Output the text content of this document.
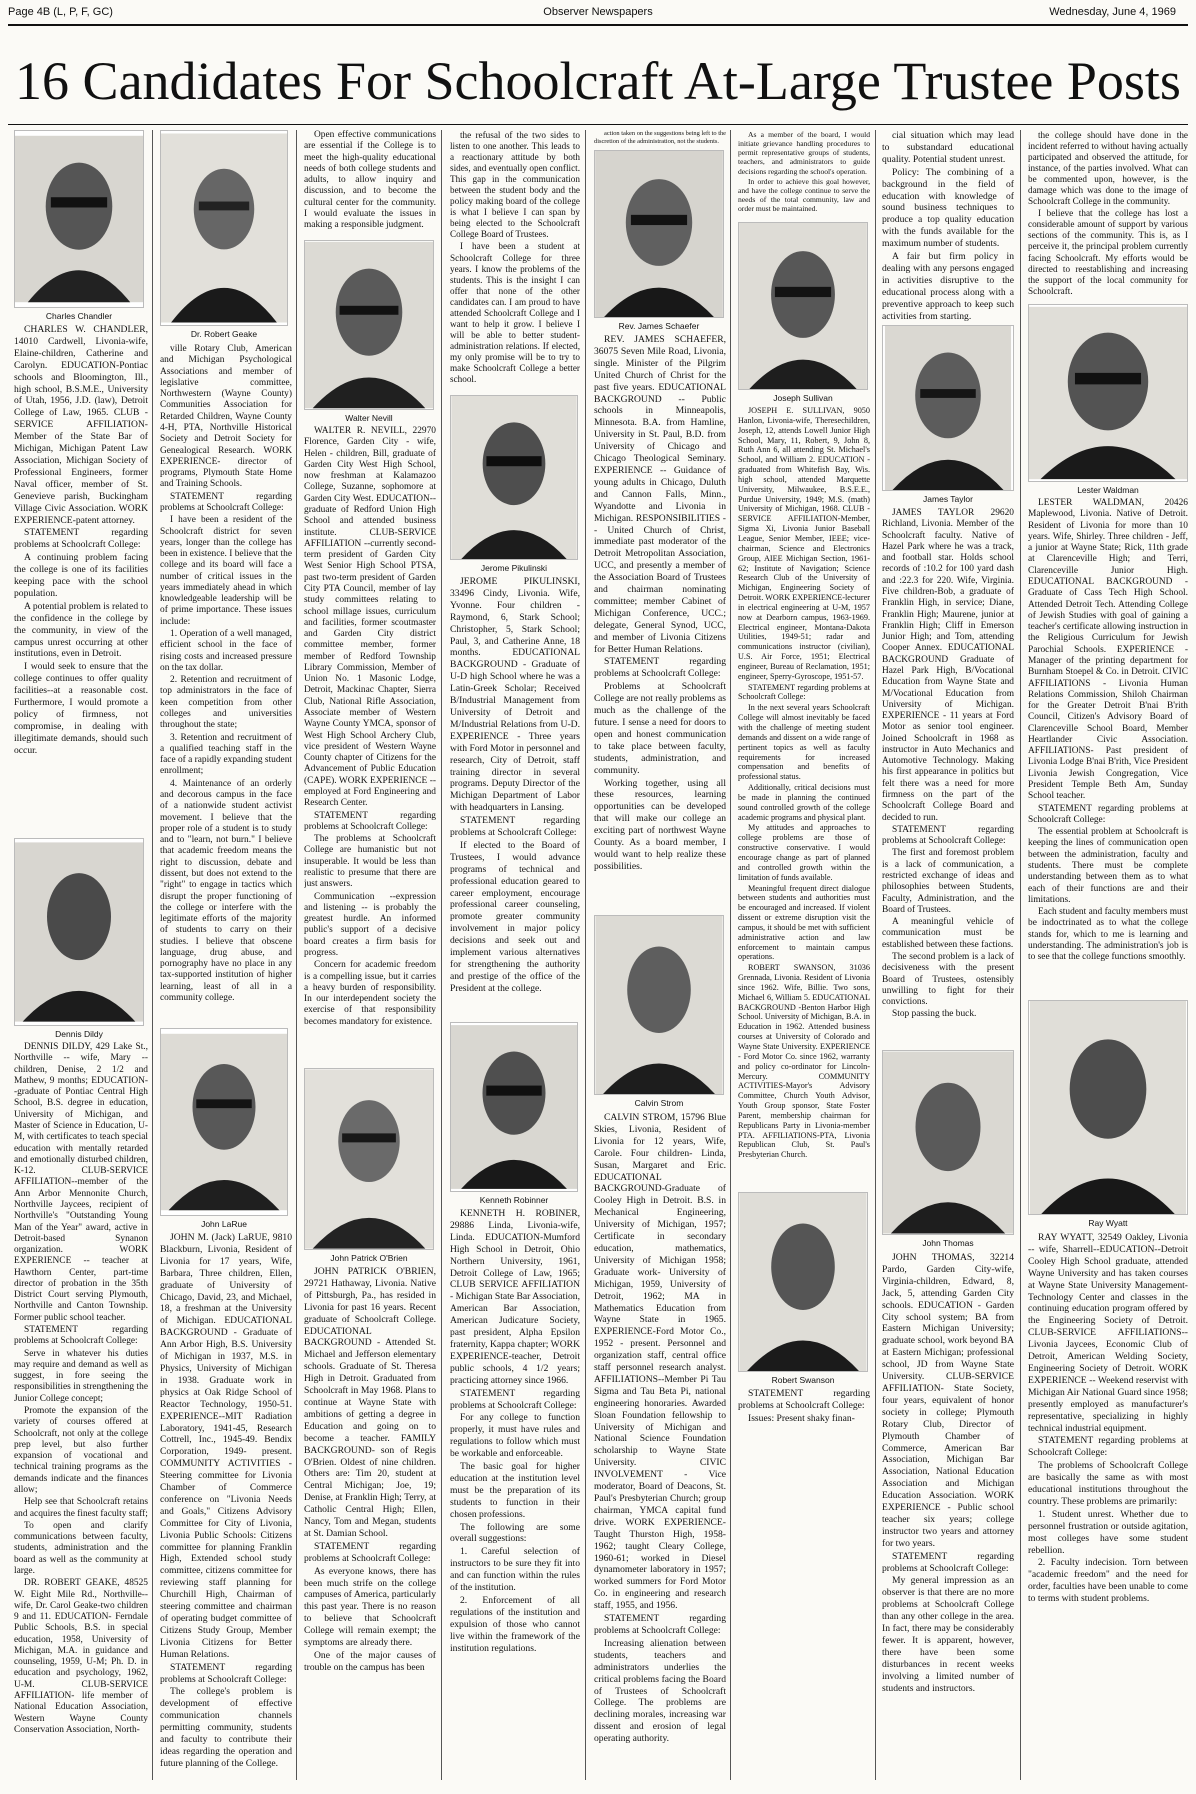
Page 4B (L, P, F, GC)	Observer Newspapers	Wednesday, June 4, 1969
16 Candidates For Schoolcraft At-Large Trustee Posts
Charles Chandler
Dr. Robert Geake
Walter Nevill
Jerome Pikulinski
Rev. James Schaefer
Joseph Sullivan
James Taylor
Lester Waldman
Dennis Dildy
John LaRue
John Patrick O'Brien
Kenneth Robinner
Calvin Strom
Robert Swanson
John Thomas
Ray Wyatt

CHARLES W. CHANDLER, 14010 Cardwell, Livonia-wife, Elaine-children, Catherine and Carolyn. EDUCATION-Pontiac schools and Bloomington, Ill., high school, B.S.M.E., University of Utah, 1956, J.D. (law), Detroit College of Law, 1965. CLUB - SERVICE AFFILIATION-Member of the State Bar of Michigan, Michigan Patent Law Association, Michigan Society of Professional Engineers, former Naval officer, member of St. Genevieve parish, Buckingham Village Civic Association. WORK EXPERIENCE-patent attorney.

STATEMENT regarding problems at Schoolcraft College:

A continuing problem facing the college is one of its facilities keeping pace with the school population.

A potential problem is related to the confidence in the college by the community, in view of the campus unrest occurring at other institutions, even in Detroit.

I would seek to ensure that the college continues to offer quality facilities--at a reasonable cost. Furthermore, I would promote a policy of firmness, not compromise, in dealing with illegitimate demands, should such occur.

DENNIS DILDY, 429 Lake St., Northville -- wife, Mary -- children, Denise, 2 1/2 and Mathew, 9 months; EDUCATION--graduate of Pontiac Central High School, B.S. degree in education, University of Michigan, and Master of Science in Education, U-M, with certificates to teach special education with mentally retarded and emotionally disturbed children, K-12. CLUB-SERVICE AFFILIATION--member of the Ann Arbor Mennonite Church, Northville Jaycees, recipient of Northville's "Outstanding Young Man of the Year" award, active in Detroit-based Synanon organization. WORK EXPERIENCE -- teacher at Hawthorn Center, part-time director of probation in the 35th District Court serving Plymouth, Northville and Canton Township. Former public school teacher.

STATEMENT regarding problems at Schoolcraft College:

Serve in whatever his duties may require and demand as well as suggest, in fore seeing the responsibilities in strengthening the Junior College concept;

Promote the expansion of the variety of courses offered at Schoolcraft, not only at the college prep level, but also further expansion of vocational and technical training programs as the demands indicate and the finances allow;

Help see that Schoolcraft retains and acquires the finest faculty staff;

To open and clarify communications between faculty, students, administration and the board as well as the community at large.

DR. ROBERT GEAKE, 48525 W. Eight Mile Rd., Northville--wife, Dr. Carol Geake-two children 9 and 11. EDUCATION- Ferndale Public Schools, B.S. in special education, 1958, University of Michigan, M.A. in guidance and counseling, 1959, U-M; Ph. D. in education and psychology, 1962, U-M. CLUB-SERVICE AFFILIATION- life member of National Education Association, Western Wayne County Conservation Association, North-

ville Rotary Club, American and Michigan Psychological Associations and member of legislative committee, Northwestern (Wayne County) Communities Association for Retarded Children, Wayne County 4-H, PTA, Northville Historical Society and Detroit Society for Genealogical Research. WORK EXPERIENCE- director of programs, Plymouth State Home and Training Schools.

STATEMENT regarding problems at Schoolcraft College:

I have been a resident of the Schoolcraft district for seven years, longer than the college has been in existence. I believe that the college and its board will face a number of critical issues in the years immediately ahead in which knowledgeable leadership will be of prime importance. These issues include:

1. Operation of a well managed, efficient school in the face of rising costs and increased pressure on the tax dollar.

2. Retention and recruitment of top administrators in the face of keen competition from other colleges and universities throughout the state;

3. Retention and recruitment of a qualified teaching staff in the face of a rapidly expanding student enrollment;

4. Maintenance of an orderly and decorous campus in the face of a nationwide student activist movement. I believe that the proper role of a student is to study and to "learn, not burn." I believe that academic freedom means the right to discussion, debate and dissent, but does not extend to the "right" to engage in tactics which disrupt the proper functioning of the college or interfere with the legitimate efforts of the majority of students to carry on their studies. I believe that obscene language, drug abuse, and pornography have no place in any tax-supported institution of higher learning, least of all in a community college.

JOHN M. (Jack) LaRUE, 9810 Blackburn, Livonia, Resident of Livonia for 17 years, Wife, Barbara, Three children, Ellen, graduate of University of Chicago, David, 23, and Michael, 18, a freshman at the University of Michigan. EDUCATIONAL BACKGROUND - Graduate of Ann Arbor High, B.S. University of Michigan in 1937, M.S. in Physics, University of Michigan in 1938. Graduate work in physics at Oak Ridge School of Reactor Technology, 1950-51. EXPERIENCE--MIT Radiation Laboratory, 1941-45, Research Cottrell, Inc., 1945-49. Bendix Corporation, 1949- present. COMMUNITY ACTIVITIES - Steering committee for Livonia Chamber of Commerce conference on "Livonia Needs and Goals," Citizens Advisory Committee for City of Livonia, Livonia Public Schools: Citizens committee for planning Franklin High, Extended school study committee, citizens committee for reviewing staff planning for Churchill High, Chairman of steering committee and chairman of operating budget committee of Citizens Study Group, Member Livonia Citizens for Better Human Relations.

STATEMENT regarding problems at Schoolcraft College:

The college's problem is development of effective communication channels permitting community, students and faculty to contribute their ideas regarding the operation and future planning of the College.

Open effective communications are essential if the College is to meet the high-quality educational needs of both college students and adults, to allow inquiry and discussion, and to become the cultural center for the community. I would evaluate the issues in making a responsible judgment.

WALTER R. NEVILL, 22970 Florence, Garden City - wife, Helen - children, Bill, graduate of Garden City West High School, now freshman at Kalamazoo College, Suzanne, sophomore at Garden City West. EDUCATION--graduate of Redford Union High School and attended business institute. CLUB-SERVICE AFFILIATION --currently second-term president of Garden City West Senior High School PTSA, past two-term president of Garden City PTA Council, member of lay study committees relating to school millage issues, curriculum and facilities, former scoutmaster and Garden City district committee member, former member of Redford Township Library Commission, Member of Union No. 1 Masonic Lodge, Detroit, Mackinac Chapter, Sierra Club, National Rifle Association, Associate member of Western Wayne County YMCA, sponsor of West High School Archery Club, vice president of Western Wayne County chapter of Citizens for the Advancement of Public Education (CAPE). WORK EXPERIENCE -- employed at Ford Engineering and Research Center.

STATEMENT regarding problems at Schoolcraft College:

The problems at Schoolcraft College are humanistic but not insuperable. It would be less than realistic to presume that there are just answers.

Communication --expression and listening -- is probably the greatest hurdle. An informed public's support of a decisive board creates a firm basis for progress.

Concern for academic freedom is a compelling issue, but it carries a heavy burden of responsibility. In our interdependent society the exercise of that responsibility becomes mandatory for existence.

JOHN PATRICK O'BRIEN, 29721 Hathaway, Livonia. Native of Pittsburgh, Pa., has resided in Livonia for past 16 years. Recent graduate of Schoolcraft College. EDUCATIONAL BACKGROUND - Attended St. Michael and Jefferson elementary schools. Graduate of St. Theresa High in Detroit. Graduated from Schoolcraft in May 1968. Plans to continue at Wayne State with ambitions of getting a degree in Education and going on to become a teacher. FAMILY BACKGROUND- son of Regis O'Brien. Oldest of nine children. Others are: Tim 20, student at Central Michigan; Joe, 19; Denise, at Franklin High; Terry, at Catholic Central High; Ellen, Nancy, Tom and Megan, students at St. Damian School.

STATEMENT regarding problems at Schoolcraft College:

As everyone knows, there has been much strife on the college campuses of America, particularly this past year. There is no reason to believe that Schoolcraft College will remain exempt; the symptoms are already there.

One of the major causes of trouble on the campus has been

the refusal of the two sides to listen to one another. This leads to a reactionary attitude by both sides, and eventually open conflict. This gap in the communication between the student body and the policy making board of the college is what I believe I can span by being elected to the Schoolcraft College Board of Trustees.

I have been a student at Schoolcraft College for three years. I know the problems of the students. This is the insight I can offer that none of the other candidates can. I am proud to have attended Schoolcraft College and I want to help it grow. I believe I will be able to better student-administration relations. If elected, my only promise will be to try to make Schoolcraft College a better school.

JEROME PIKULINSKI, 33496 Cindy, Livonia. Wife, Yvonne. Four children - Raymond, 6, Stark School; Christopher, 5, Stark School; Paul, 3, and Catherine Anne, 18 months. EDUCATIONAL BACKGROUND - Graduate of U-D high School where he was a Latin-Greek Scholar; Received B/Industrial Management from University of Detroit and M/Industrial Relations from U-D. EXPERIENCE - Three years with Ford Motor in personnel and research, City of Detroit, staff training director in several programs. Deputy Director of the Michigan Department of Labor with headquarters in Lansing.

STATEMENT regarding problems at Schoolcraft College:

If elected to the Board of Trustees, I would advance programs of technical and professional education geared to career employment, encourage professional career counseling, promote greater community involvement in major policy decisions and seek out and implement various alternatives for strengthening the authority and prestige of the office of the President at the college.

KENNETH H. ROBINER, 29886 Linda, Livonia-wife, Linda. EDUCATION-Mumford High School in Detroit, Ohio Northern University, 1961, Detroit College of Law, 1965; CLUB SERVICE AFFILIATION - Michigan State Bar Association, American Bar Association, American Judicature Society, past president, Alpha Epsilon fraternity, Kappa chapter; WORK EXPERIENCE-teacher, Detroit public schools, 4 1/2 years; practicing attorney since 1966.

STATEMENT regarding problems at Schoolcraft College:

For any college to function properly, it must have rules and regulations to follow which must be workable and enforceable.

The basic goal for higher education at the institution level must be the preparation of its students to function in their chosen professions.

The following are some overall suggestions:

1. Careful selection of instructors to be sure they fit into and can function within the rules of the institution.

2. Enforcement of all regulations of the institution and expulsion of those who cannot live within the framework of the institution regulations.

action taken on the suggestions being left to the discretion of the administration, not the students.

REV. JAMES SCHAEFER, 36075 Seven Mile Road, Livonia, single. Minister of the Pilgrim United Church of Christ for the past five years. EDUCATIONAL BACKGROUND -- Public schools in Minneapolis, Minnesota. B.A. from Hamline, University in St. Paul, B.D. from University of Chicago and Chicago Theological Seminary. EXPERIENCE -- Guidance of young adults in Chicago, Duluth and Cannon Falls, Minn., Wyandotte and Livonia in Michigan. RESPONSIBILITIES -- United Church of Christ, immediate past moderator of the Detroit Metropolitan Association, UCC, and presently a member of the Association Board of Trustees and chairman nominating committee; member Cabinet of Michigan Conference, UCC.; delegate, General Synod, UCC, and member of Livonia Citizens for Better Human Relations.

STATEMENT regarding problems at Schoolcraft College:

Problems at Schoolcraft College are not really problems as much as the challenge of the future. I sense a need for doors to open and honest communication to take place between faculty, students, administration, and community.

Working together, using all these resources, learning opportunities can be developed that will make our college an exciting part of northwest Wayne County. As a board member, I would want to help realize these possibilities.

CALVIN STROM, 15796 Blue Skies, Livonia, Resident of Livonia for 12 years, Wife, Carole. Four children- Linda, Susan, Margaret and Eric. EDUCATIONAL BACKGROUND-Graduate of Cooley High in Detroit. B.S. in Mechanical Engineering, University of Michigan, 1957; Certificate in secondary education, mathematics, University of Michigan 1958; Graduate work- University of Michigan, 1959, University of Detroit, 1962; MA in Mathematics Education from Wayne State in 1965. EXPERIENCE-Ford Motor Co., 1952 - present. Personnel and organization staff, central office staff personnel research analyst. AFFILIATIONS--Member Pi Tau Sigma and Tau Beta Pi, national engineering honoraries. Awarded Sloan Foundation fellowship to University of Michigan and National Science Foundation scholarship to Wayne State University. CIVIC INVOLVEMENT - Vice moderator, Board of Deacons, St. Paul's Presbyterian Church; group chairman, YMCA capital fund drive. WORK EXPERIENCE- Taught Thurston High, 1958-1962; taught Cleary College, 1960-61; worked in Diesel dynamometer laboratory in 1957; worked summers for Ford Motor Co. in engineering and research staff, 1955, and 1956.

STATEMENT regarding problems at Schoolcraft College:

Increasing alienation between students, teachers and administrators underlies the critical problems facing the Board of Trustees of Schoolcraft College. The problems are declining morales, increasing war dissent and erosion of legal operating authority.

As a member of the board, I would initiate grievance handling procedures to permit representative groups of students, teachers, and administrators to guide decisions regarding the school's operation.

In order to achieve this goal however, and have the college continue to serve the needs of the total community, law and order must be maintained.

JOSEPH E. SULLIVAN, 9050 Hanlon, Livonia-wife, Theresechildren, Joseph, 12, attends Lowell Junior High School, Mary, 11, Robert, 9, John 8, Ruth Ann 6, all attending St. Michael's School, and William 2. EDUCATION - graduated from Whitefish Bay, Wis. high school, attended Marquette University, Milwaukee, B.S.E.E., Purdue University, 1949; M.S. (math) University of Michigan, 1968. CLUB - SERVICE AFFILIATION-Member, Sigma Xi, Livonia Junior Baseball League, Senior Member, IEEE; vice-chairman, Science and Electronics Group, AIEE Michigan Section, 1961-62; Institute of Navigation; Science Research Club of the University of Michigan, Engineering Society of Detroit. WORK EXPERIENCE-lecturer in electrical engineering at U-M, 1957 now at Dearborn campus, 1963-1969. Electrical engineer, Montana-Dakota Utilities, 1949-51; radar and communications instructor (civilian), U.S. Air Force, 1951; Electrical engineer, Bureau of Reclamation, 1951; engineer, Sperry-Gyroscope, 1951-57.

STATEMENT regarding problems at Schoolcraft College:

In the next several years Schoolcraft College will almost inevitably be faced with the challenge of meeting student demands and dissent on a wide range of pertinent topics as well as faculty requirements for increased compensation and benefits of professional status.

Additionally, critical decisions must be made in planning the continued sound controlled growth of the college academic programs and physical plant.

My attitudes and approaches to college problems are those of constructive conservative. I would encourage change as part of planned and controlled growth within the limitation of funds available.

Meaningful frequent direct dialogue between students and authorities must be encouraged and increased. If violent dissent or extreme disruption visit the campus, it should be met with sufficient administrative action and law enforcement to maintain campus operations.

ROBERT SWANSON, 31036 Grennada, Livonia. Resident of Livonia since 1962. Wife, Billie. Two sons, Michael 6, William 5. EDUCATIONAL BACKGROUND -Benton Harbor High School. University of Michigan, B.A. in Education in 1962. Attended business courses at University of Colorado and Wayne State University. EXPERIENCE - Ford Motor Co. since 1962, warranty and policy co-ordinator for Lincoln-Mercury. COMMUNITY ACTIVITIES-Mayor's Advisory Committee, Church Youth Advisor, Youth Group sponsor, State Foster Parent, membership chairman for Republicans Party in Livonia-member PTA. AFFILIATIONS-PTA, Livonia Republican Club, St. Paul's Presbyterian Church.

STATEMENT regarding problems at Schoolcraft College:

Issues: Present shaky finan-

cial situation which may lead to substandard educational quality. Potential student unrest.

Policy: The combining of a background in the field of education with knowledge of sound business techniques to produce a top quality education with the funds available for the maximum number of students.

A fair but firm policy in dealing with any persons engaged in activities disruptive to the educational process along with a preventive approach to keep such activities from starting.

JAMES TAYLOR 29620 Richland, Livonia. Member of the Schoolcraft faculty. Native of Hazel Park where he was a track, and football star. Holds school records of :10.2 for 100 yard dash and :22.3 for 220. Wife, Virginia. Five children-Bob, a graduate of Franklin High, in service; Diane, Franklin High; Maurene, junior at Franklin High; Cliff in Emerson Junior High; and Tom, attending Cooper Annex. EDUCATIONAL BACKGROUND Graduate of Hazel Park High, B/Vocational Education from Wayne State and M/Vocational Education from University of Michigan. EXPERIENCE - 11 years at Ford Motor as senior tool engineer. Joined Schoolcraft in 1968 as instructor in Auto Mechanics and Automotive Technology. Making his first appearance in politics but felt there was a need for more firmness on the part of the Schoolcraft College Board and decided to run.

STATEMENT regarding problems at Schoolcraft College:

The first and foremost problem is a lack of communication, a restricted exchange of ideas and philosophies between Students, Faculty, Administration, and the Board of Trustees.

A meaningful vehicle of communication must be established between these factions.

The second problem is a lack of decisiveness with the present Board of Trustees, ostensibly unwilling to fight for their convictions.

Stop passing the buck.

JOHN THOMAS, 32214 Pardo, Garden City-wife, Virginia-children, Edward, 8, Jack, 5, attending Garden City schools. EDUCATION - Garden City school system; BA from Eastern Michigan University; graduate school, work beyond BA at Eastern Michigan; professional school, JD from Wayne State University. CLUB-SERVICE AFFILIATION- State Society, four years, equivalent of honor society in college; Plymouth Rotary Club, Director of Plymouth Chamber of Commerce, American Bar Association, Michigan Bar Association, National Education Association and Michigan Education Association. WORK EXPERIENCE - Public school teacher six years; college instructor two years and attorney for two years.

STATEMENT regarding problems at Schoolcraft College:

My general impression as an observer is that there are no more problems at Schoolcraft College than any other college in the area. In fact, there may be considerably fewer. It is apparent, however, there have been some disturbances in recent weeks involving a limited number of students and instructors.

the college should have done in the incident referred to without having actually participated and observed the attitude, for instance, of the parties involved. What can be commented upon, however, is the damage which was done to the image of Schoolcraft College in the community.

I believe that the college has lost a considerable amount of support by various sections of the community. This is, as I perceive it, the principal problem currently facing Schoolcraft. My efforts would be directed to reestablishing and increasing the support of the local community for Schoolcraft.

LESTER WALDMAN, 20426 Maplewood, Livonia. Native of Detroit. Resident of Livonia for more than 10 years. Wife, Shirley. Three children - Jeff, a junior at Wayne State; Rick, 11th grade at Clarenceville High; and Terri, Clarenceville Junior High. EDUCATIONAL BACKGROUND - Graduate of Cass Tech High School. Attended Detroit Tech. Attending College of Jewish Studies with goal of gaining a teacher's certificate allowing instruction in the Religious Curriculum for Jewish Parochial Schools. EXPERIENCE - Manager of the printing department for Burnham Stoepel & Co. in Detroit. CIVIC AFFILIATIONS - Livonia Human Relations Commission, Shiloh Chairman for the Greater Detroit B'nai B'rith Council, Citizen's Advisory Board of Clarenceville School Board, Member Heartlander Civic Association. AFFILIATIONS- Past president of Livonia Lodge B'nai B'rith, Vice President Livonia Jewish Congregation, Vice President Temple Beth Am, Sunday School teacher.

STATEMENT regarding problems at Schoolcraft College:

The essential problem at Schoolcraft is keeping the lines of communication open between the administration, faculty and students. There must be complete understanding between them as to what each of their functions are and their limitations.

Each student and faculty members must be indoctrinated as to what the college stands for, which to me is learning and understanding. The administration's job is to see that the college functions smoothly.

RAY WYATT, 32549 Oakley, Livonia -- wife, Sharrell--EDUCATION--Detroit Cooley High School graduate, attended Wayne University and has taken courses at Wayne State University Management-Technology Center and classes in the continuing education program offered by the Engineering Society of Detroit. CLUB-SERVICE AFFILIATIONS--Livonia Jaycees, Economic Club of Detroit, American Welding Society, Engineering Society of Detroit. WORK EXPERIENCE -- Weekend reservist with Michigan Air National Guard since 1958; presently employed as manufacturer's representative, specializing in highly technical industrial equipment.

STATEMENT regarding problems at Schoolcraft College:

The problems of Schoolcraft College are basically the same as with most educational institutions throughout the country. These problems are primarily:

1. Student unrest. Whether due to personnel frustration or outside agitation, most colleges have some student rebellion.

2. Faculty indecision. Torn between "academic freedom" and the need for order, faculties have been unable to come to terms with student problems.
